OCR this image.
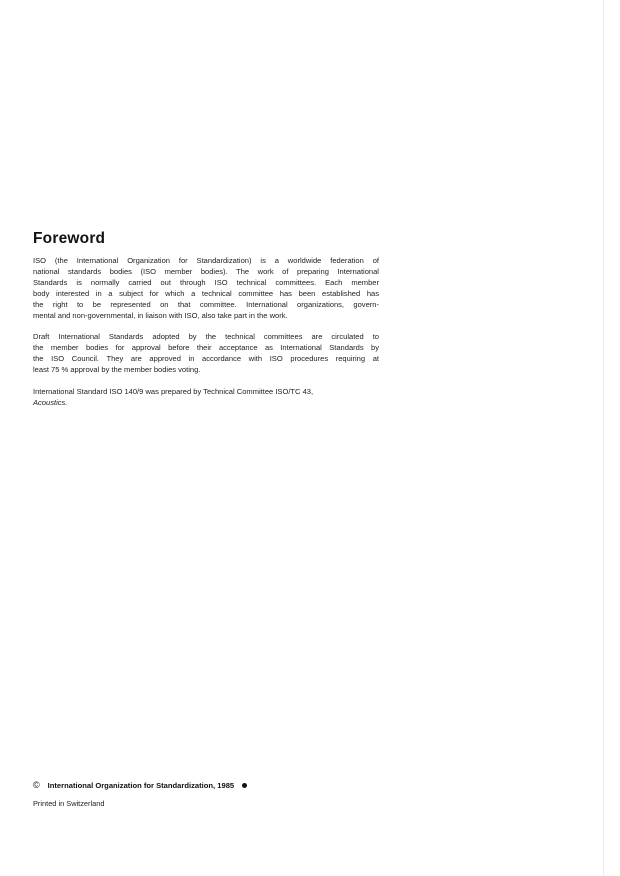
Foreword

ISO (the International Organization for Standardization) is a worldwide federation of
national standards bodies (ISO member bodies). The work of preparing International
Standards is normally carried out through ISO technical committees. Each member
body interested in a subject for which a technical committee has been established has
the right to be represented on that committee. International organizations, govern-
mental and non-governmental, in liaison with ISO, also take part in the work.

Draft International Standards adopted by the technical committees are circulated to
the member bodies for approval before their acceptance as International Standards by
the ISO Council. They are approved in accordance with ISO procedures requiring at
least 75 % approval by the member bodies voting.

International Standard ISO 140/9 was prepared by Technical Committee ISO/TC 43,
Acoustics.

© International Organization for Standardization, 1985
Printed in Switzerland
